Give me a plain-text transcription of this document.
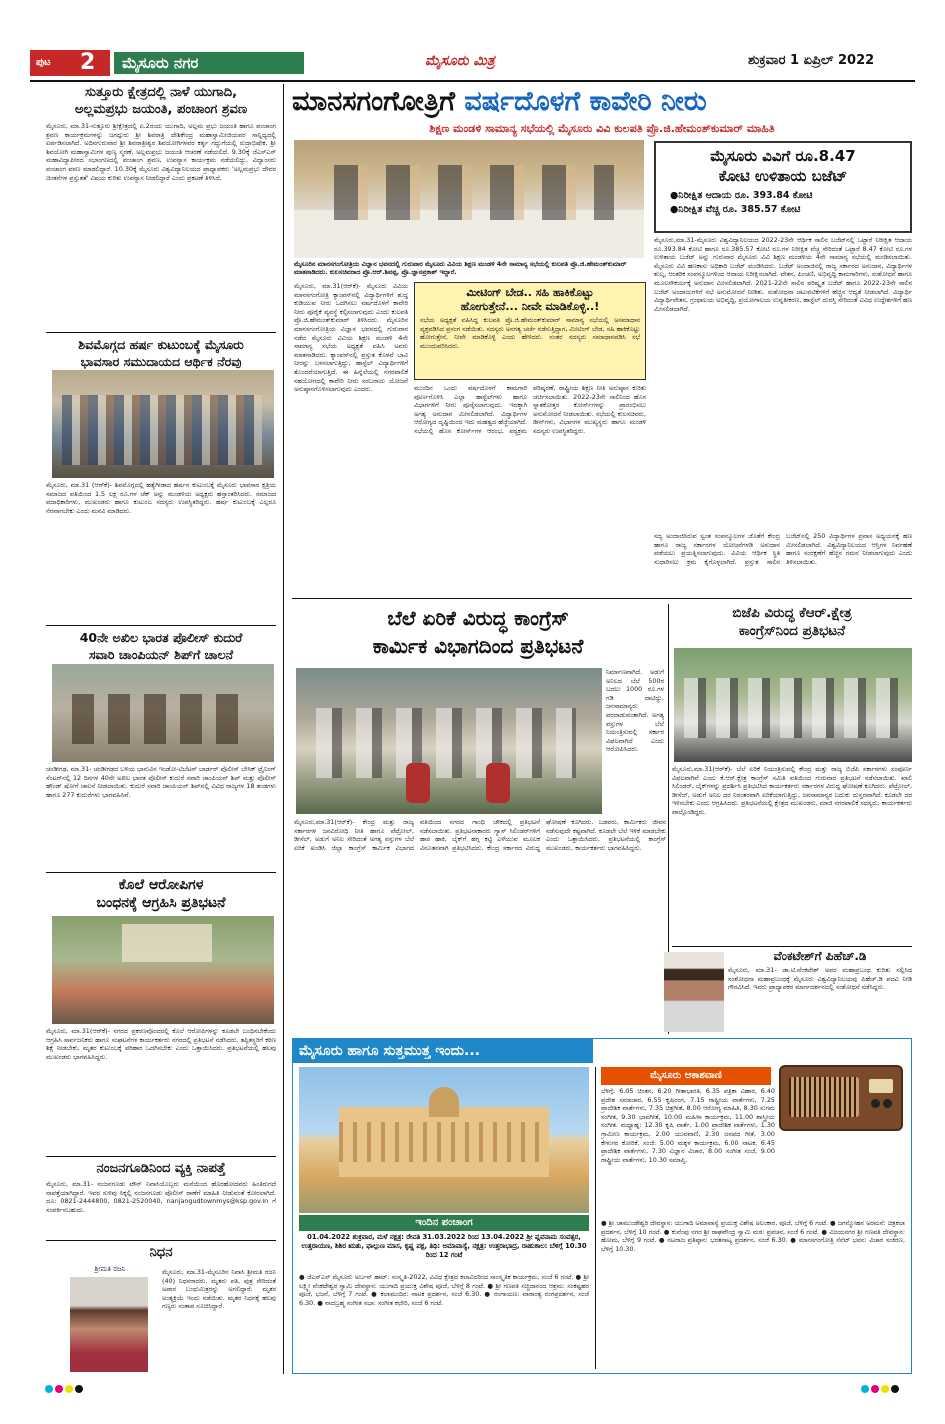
ಪುಟ 2	ಮೈಸೂರು ನಗರ	ಮೈಸೂರು ಮಿತ್ರ	ಶುಕ್ರವಾರ 1 ಏಪ್ರಿಲ್ 2022
ಸುತ್ತೂರು ಕ್ಷೇತ್ರದಲ್ಲಿ ನಾಳೆ ಯುಗಾದಿ,
ಅಲ್ಲಮಪ್ರಭು ಜಯಂತಿ, ಪಂಚಾಂಗ ಶ್ರವಣ
ಮೈಸೂರು, ಮಾ.31-ಸುತ್ತೂರು ಶ್ರೀಕ್ಷೇತ್ರದಲ್ಲಿ ಏ.2ರಂದು ಯುಗಾದಿ, ಅಲ್ಲಮ ಪ್ರಭು ಜಯಂತಿ ಹಾಗೂ ಪಂಚಾಂಗ ಶ್ರವಣ ಕಾರ್ಯಕ್ರಮಗಳನ್ನು ಜಗದ್ಗುರು ಶ್ರೀ ಶಿವರಾತ್ರಿ ದೇಶಿಕೇಂದ್ರ ಮಹಾಸ್ವಾಮೀಜಿಯವರ ಸಾನ್ನಿಧ್ಯದಲ್ಲಿ ಏರ್ಪಡಿಸಲಾಗಿದೆ. ಅದಿನಗುರುವಾರ ಶ್ರೀ ಶಿವರಾತ್ರೀಶ್ವರ ಶಿವಯೋಗಿಗಳವರ ಕರ್ತೃ ಗದ್ದುಗೆಯಲ್ಲಿ ರುದ್ರಾಭಿಷೇಕ, ಶ್ರೀ ಶಿವಯೋಗಿ ಮಹಾಸ್ವಾಮಿಗಳ ಪುಣ್ಯ ಸ್ಮರಣೆ, ಅಲ್ಲಮಪ್ರಭು ಜಯಂತಿ ಆಚರಣೆ ನಡೆಯಲಿದೆ. 9.30ಕ್ಕೆ ಜೆಎಸ್ಎಸ್ ಮಹಾವಿದ್ಯಾಪೀಠದ ಸಭಾಂಗಣದಲ್ಲಿ ಪಂಚಾಂಗ ಶ್ರವಣ, ಉಪನ್ಯಾಸ ಕಾರ್ಯಕ್ರಮ ನಡೆಯಲಿದ್ದು, ವಿದ್ವಾಂಸರು ಪಂಚಾಂಗ ಪಠಣ ಮಾಡಲಿದ್ದಾರೆ. 10.30ಕ್ಕೆ ಮೈಸೂರು ವಿಶ್ವವಿದ್ಯಾನಿಲಯದ ಪ್ರಾಧ್ಯಾಪಕರು 'ಅಲ್ಲಮಪ್ರಭು ದೇವರ ಚಿಂತನೆಗಳ ಪ್ರಸ್ತುತತೆ' ವಿಷಯ ಕುರಿತು ಉಪನ್ಯಾಸ ನೀಡಲಿದ್ದಾರೆ ಎಂದು ಪ್ರಕಟಣೆ ತಿಳಿಸಿದೆ.
ಶಿವಮೊಗ್ಗದ ಹರ್ಷ ಕುಟುಂಬಕ್ಕೆ ಮೈಸೂರು
ಭಾವಸಾರ ಸಮುದಾಯದ ಆರ್ಥಿಕ ನೆರವು
ಮೈಸೂರು, ಮಾ.31 (ಆರ್‌ಕೆ)- ಶಿವಮೊಗ್ಗದಲ್ಲಿ ಹತ್ಯೆಗೀಡಾದ ಹರ್ಷನ ಕುಟುಂಬಕ್ಕೆ ಮೈಸೂರು ಭಾವಸಾರ ಕ್ಷತ್ರಿಯ ಸಮಾಜದ ವತಿಯಿಂದ 1.5 ಲಕ್ಷ ರೂ.ಗಳ ಚೆಕ್ ಅನ್ನು ಮಂಡಳಿಯ ಅಧ್ಯಕ್ಷರು ಹಸ್ತಾಂತರಿಸಿದರು. ಸಮಾಜದ ಪದಾಧಿಕಾರಿಗಳು, ಮುಖಂಡರು ಹಾಗೂ ಕುಟುಂಬ ಸದಸ್ಯರು ಉಪಸ್ಥಿತರಿದ್ದರು. ಹರ್ಷ ಕುಟುಂಬಕ್ಕೆ ಎಲ್ಲರೂ ನೆರವಾಗಬೇಕು ಎಂದು ಮನವಿ ಮಾಡಿದರು.
40ನೇ ಅಖಿಲ ಭಾರತ ಪೊಲೀಸ್ ಕುದುರೆ
ಸವಾರಿ ಚಾಂಪಿಯನ್ ಶಿಪ್‌ಗೆ ಚಾಲನೆ
ಚಂಡೀಗಢ, ಮಾ.31- ಚಂಡೀಗಢದ ಬಳಿಯ ಭಾನುವಿನ ಇಂಡೋ-ಟಿಬೆಟನ್ ಬಾರ್ಡರ್ ಪೊಲೀಸ್ ಬೇಸಿಕ್ ಟ್ರೈನಿಂಗ್ ಸೆಂಟರ್‌ನಲ್ಲಿ 12 ದಿನಗಳ 40ನೇ ಅಖಿಲ ಭಾರತ ಪೊಲೀಸ್ ಕುದುರೆ ಸವಾರಿ ಚಾಂಪಿಯನ್ ಶಿಪ್ ಮತ್ತು ಪೊಲೀಸ್ ಹೌಂಡ್ ಷೋಗೆ ಚಾಲನೆ ನೀಡಲಾಯಿತು. ಕುದುರೆ ಸವಾರಿ ಚಾಂಪಿಯನ್ ಶಿಪ್‌ನಲ್ಲಿ ವಿವಿಧ ರಾಜ್ಯಗಳ 18 ತಂಡಗಳು ಹಾಗೂ 277 ಕುದುರೆಗಳು ಭಾಗವಹಿಸಿವೆ.
ಕೊಲೆ ಆರೋಪಿಗಳ
ಬಂಧನಕ್ಕೆ ಆಗ್ರಹಿಸಿ ಪ್ರತಿಭಟನೆ
ಮೈಸೂರು, ಮಾ.31(ಆರ್‌ಕೆ)- ನಗರದ ಪ್ರಕರಣವೊಂದರಲ್ಲಿ ಕೊಲೆ ಆರೋಪಿಗಳನ್ನು ಕೂಡಲೇ ಬಂಧಿಸಬೇಕೆಂದು ಆಗ್ರಹಿಸಿ ಸಾರ್ವಜನಿಕರು ಹಾಗೂ ಸಂಘಟನೆಗಳ ಕಾರ್ಯಕರ್ತರು ನಗರದಲ್ಲಿ ಪ್ರತಿಭಟನೆ ನಡೆಸಿದರು. ತಪ್ಪಿತಸ್ಥರಿಗೆ ಕಠಿಣ ಶಿಕ್ಷೆ ನೀಡಬೇಕು, ಮೃತರ ಕುಟುಂಬಕ್ಕೆ ಪರಿಹಾರ ಒದಗಿಸಬೇಕು ಎಂದು ಒತ್ತಾಯಿಸಿದರು. ಪ್ರತಿಭಟನೆಯಲ್ಲಿ ಹಲವು ಮುಖಂಡರು ಭಾಗವಹಿಸಿದ್ದರು.
ನಂಜನಗೂಡಿನಿಂದ ವ್ಯಕ್ತಿ ನಾಪತ್ತೆ
ಮೈಸೂರು, ಮಾ.31- ನಂಜನಗೂಡು ಟೌನ್ ನಿವಾಸಿಯೊಬ್ಬರು ಮನೆಯಿಂದ ಹೊರಹೋದವರು ಹಿಂತಿರುಗದೆ ನಾಪತ್ತೆಯಾಗಿದ್ದಾರೆ. ಇವರ ಸುಳಿವು ಸಿಕ್ಕಲ್ಲಿ ನಂಜನಗೂಡು ಪೊಲೀಸ್ ಠಾಣೆಗೆ ಮಾಹಿತಿ ನೀಡುವಂತೆ ಕೋರಲಾಗಿದೆ. ದೂ: 0821-2444800, 0821-2520040, nanjangudtownmys@ksp.gov.in ಗೆ ಸಂಪರ್ಕಿಸಬಹುದು.
ನಿಧನ
ಶ್ರೀಮತಿ ರಜನಿ	ಮೈಸೂರು, ಮಾ.31-ಮೈಸೂರಿನ ನಿವಾಸಿ ಶ್ರೀಮತಿ ರಜನಿ (40) ನಿಧನರಾದರು. ಮೃತರು ಪತಿ, ಪುತ್ರ ಸೇರಿದಂತೆ ಅಪಾರ ಬಂಧುಮಿತ್ರರನ್ನು ಅಗಲಿದ್ದಾರೆ. ಮೃತರ ಅಂತ್ಯಕ್ರಿಯೆ ಇಂದು ನಡೆಯಿತು. ಮೃತರ ನಿಧನಕ್ಕೆ ಹಲವು ಗಣ್ಯರು ಸಂತಾಪ ಸೂಚಿಸಿದ್ದಾರೆ.
ಮಾನಸಗಂಗೋತ್ರಿಗೆ ವರ್ಷದೊಳಗೆ ಕಾವೇರಿ ನೀರು
ಶಿಕ್ಷಣ ಮಂಡಳಿ ಸಾಮಾನ್ಯ ಸಭೆಯಲ್ಲಿ ಮೈಸೂರು ವಿವಿ ಕುಲಪತಿ ಪ್ರೊ.ಜಿ.ಹೇಮಂತ್‌ಕುಮಾರ್ ಮಾಹಿತಿ
ಮೈಸೂರಿನ ಮಾನಸಗಂಗೋತ್ರಿಯ ವಿಜ್ಞಾನ ಭವನದಲ್ಲಿ ಗುರುವಾರ ಮೈಸೂರು ವಿವಿಯ ಶಿಕ್ಷಣ ಮಂಡಳಿ 4ನೇ ಸಾಮಾನ್ಯ ಸಭೆಯಲ್ಲಿ ಕುಲಪತಿ ಪ್ರೊ.ಜಿ.ಹೇಮಂತ್‌ಕುಮಾರ್ ಮಾತನಾಡಿದರು. ಕುಲಸಚಿವರಾದ ಪ್ರೊ.ಆರ್.ಶಿವಪ್ಪ, ಪ್ರೊ.ಜ್ಞಾನಪ್ರಕಾಶ್ ಇದ್ದಾರೆ.
ಮೈಸೂರು, ಮಾ.31(ಆರ್‌ಕೆ)- ಮೈಸೂರು ವಿವಿಯ ಮಾನಸಗಂಗೋತ್ರಿ ಕ್ಯಾಂಪಸ್‌ನಲ್ಲಿ ವಿದ್ಯಾರ್ಥಿಗಳಿಗೆ ಶುದ್ಧ ಕುಡಿಯುವ ನೀರು ಒದಗಿಸಲು ವರ್ಷದೊಳಗೆ ಕಾವೇರಿ ನೀರು ಪೂರೈಕೆ ವ್ಯವಸ್ಥೆ ಕಲ್ಪಿಸಲಾಗುವುದು ಎಂದು ಕುಲಪತಿ ಪ್ರೊ.ಜಿ.ಹೇಮಂತ್‌ಕುಮಾರ್ ತಿಳಿಸಿದರು. ಮೈಸೂರಿನ ಮಾನಸಗಂಗೋತ್ರಿಯ ವಿಜ್ಞಾನ ಭವನದಲ್ಲಿ ಗುರುವಾರ ನಡೆದ ಮೈಸೂರು ವಿವಿಯ ಶಿಕ್ಷಣ ಮಂಡಳಿ 4ನೇ ಸಾಮಾನ್ಯ ಸಭೆಯ ಅಧ್ಯಕ್ಷತೆ ವಹಿಸಿ ಅವರು ಮಾತನಾಡಿದರು. ಕ್ಯಾಂಪಸ್‌ನಲ್ಲಿ ಪ್ರಸ್ತುತ ಕೊಳವೆ ಬಾವಿ ನೀರನ್ನು ಬಳಸಲಾಗುತ್ತಿದ್ದು, ಹಾಸ್ಟೆಲ್ ವಿದ್ಯಾರ್ಥಿಗಳಿಗೆ ತೊಂದರೆಯಾಗುತ್ತಿದೆ. ಈ ಹಿನ್ನೆಲೆಯಲ್ಲಿ ನಗರಪಾಲಿಕೆ ಸಹಯೋಗದಲ್ಲಿ ಕಾವೇರಿ ನೀರು ಸರಬರಾಜು ಯೋಜನೆ ಅನುಷ್ಠಾನಗೊಳಿಸಲಾಗುವುದು ಎಂದರು.
ಮೀಟಿಂಗ್ ಬೇಡ.. ಸಹಿ ಹಾಕಿಕೊಟ್ಟು
ಹೋಗುತ್ತೇನೆ... ನೀವೇ ಮಾಡಿಕೊಳ್ಳಿ..!
ಸಭೆಯ ಅಧ್ಯಕ್ಷತೆ ವಹಿಸಿದ್ದ ಕುಲಪತಿ ಪ್ರೊ.ಜಿ.ಹೇಮಂತ್‌ಕುಮಾರ್ ಸಾಮಾನ್ಯ ಸಭೆಯಲ್ಲಿ ಅಸಮಾಧಾನ ವ್ಯಕ್ತಪಡಿಸಿದ ಪ್ರಸಂಗ ನಡೆಯಿತು. ಸದಸ್ಯರು ಅನಗತ್ಯ ಚರ್ಚೆ ನಡೆಸುತ್ತಿದ್ದಾಗ, ಮೀಟಿಂಗ್ ಬೇಡ, ಸಹಿ ಹಾಕಿಕೊಟ್ಟು ಹೋಗುತ್ತೇನೆ, ನೀವೇ ಮಾಡಿಕೊಳ್ಳಿ ಎಂದು ಹೇಳಿದರು. ನಂತರ ಸದಸ್ಯರು ಸಮಾಧಾನಪಡಿಸಿ ಸಭೆ ಮುಂದುವರಿಸಿದರು.
ಮುಂದಿನ ಒಂದು ವರ್ಷದೊಳಗೆ ಕಾಮಗಾರಿ ಪೂರ್ಣಗೊಳಿಸಿ ಎಲ್ಲಾ ಹಾಸ್ಟೆಲ್‌ಗಳು ಹಾಗೂ ವಿಭಾಗಗಳಿಗೆ ನೀರು ಪೂರೈಸಲಾಗುವುದು. ಇದಕ್ಕಾಗಿ ಅಗತ್ಯ ಅನುದಾನ ಮೀಸಲಿಡಲಾಗಿದೆ. ವಿದ್ಯಾರ್ಥಿಗಳ ಆರೋಗ್ಯದ ದೃಷ್ಟಿಯಿಂದ ಇದು ಮಹತ್ವದ ಹೆಜ್ಜೆಯಾಗಿದೆ. ಸಭೆಯಲ್ಲಿ ಹೊಸ ಕೋರ್ಸ್‌ಗಳ ಆರಂಭ, ಪಠ್ಯಕ್ರಮ ಪರಿಷ್ಕರಣೆ, ರಾಷ್ಟ್ರೀಯ ಶಿಕ್ಷಣ ನೀತಿ ಅನುಷ್ಠಾನ ಕುರಿತು ಚರ್ಚಿಸಲಾಯಿತು. 2022-23ನೇ ಸಾಲಿನಿಂದ ಹೊಸ ಸ್ನಾತಕೋತ್ತರ ಕೋರ್ಸ್‌ಗಳನ್ನು ಪ್ರಾರಂಭಿಸಲು ಅನುಮೋದನೆ ನೀಡಲಾಯಿತು. ಸಭೆಯಲ್ಲಿ ಕುಲಸಚಿವರು, ಡೀನ್‌ಗಳು, ವಿಭಾಗಗಳ ಮುಖ್ಯಸ್ಥರು ಹಾಗೂ ಮಂಡಳಿ ಸದಸ್ಯರು ಉಪಸ್ಥಿತರಿದ್ದರು.
ಮೈಸೂರು ವಿವಿಗೆ ರೂ.8.47
ಕೋಟಿ ಉಳಿತಾಯ ಬಜೆಟ್
●ನಿರೀಕ್ಷಿತ ಆದಾಯ ರೂ. 393.84 ಕೋಟಿ
●ನಿರೀಕ್ಷಿತ ವೆಚ್ಚ ರೂ. 385.57 ಕೋಟಿ
ಮೈಸೂರು,ಮಾ.31-ಮೈಸೂರು ವಿಶ್ವವಿದ್ಯಾನಿಲಯದ 2022-23ನೇ ಆರ್ಥಿಕ ಸಾಲಿನ ಬಜೆಟ್‌ನಲ್ಲಿ ಒಟ್ಟಾರೆ ನಿರೀಕ್ಷಿತ ಆದಾಯ ರೂ.393.84 ಕೋಟಿ ಹಾಗೂ ರೂ.385.57 ಕೋಟಿ ರೂ.ಗಳ ನಿರೀಕ್ಷಿತ ವೆಚ್ಚ ಸೇರಿದಂತೆ ಒಟ್ಟಾರೆ 8.47 ಕೋಟಿ ರೂ.ಗಳ ಉಳಿತಾಯ ಬಜೆಟ್ ಅನ್ನು ಗುರುವಾರ ಮೈಸೂರು ವಿವಿ ಶಿಕ್ಷಣ ಮಂಡಳಿಯ 4ನೇ ಸಾಮಾನ್ಯ ಸಭೆಯಲ್ಲಿ ಮಂಡಿಸಲಾಯಿತು. ಮೈಸೂರು ವಿವಿ ಹಣಕಾಸು ಅಧಿಕಾರಿ ಬಜೆಟ್ ಮಂಡಿಸಿದರು. ಬಜೆಟ್ ಅಂದಾಜಿನಲ್ಲಿ ರಾಜ್ಯ ಸರ್ಕಾರದ ಅನುದಾನ, ವಿದ್ಯಾರ್ಥಿಗಳ ಶುಲ್ಕ, ಆಂತರಿಕ ಸಂಪನ್ಮೂಲಗಳಿಂದ ಆದಾಯ ನಿರೀಕ್ಷಿಸಲಾಗಿದೆ. ವೇತನ, ಪಿಂಚಣಿ, ಅಭಿವೃದ್ಧಿ ಕಾಮಗಾರಿಗಳು, ಸಂಶೋಧನೆ ಹಾಗೂ ಮೂಲಸೌಕರ್ಯಕ್ಕೆ ಅನುದಾನ ಮೀಸಲಿಡಲಾಗಿದೆ. 2021-22ನೇ ಸಾಲಿನ ಪರಿಷ್ಕೃತ ಬಜೆಟ್ ಹಾಗೂ 2022-23ನೇ ಸಾಲಿನ ಬಜೆಟ್ ಅಂದಾಜುಗಳಿಗೆ ಸಭೆ ಅನುಮೋದನೆ ನೀಡಿತು. ಸಂಶೋಧನಾ ಚಟುವಟಿಕೆಗಳಿಗೆ ಹೆಚ್ಚಿನ ಆದ್ಯತೆ ನೀಡಲಾಗಿದೆ. ವಿದ್ಯಾರ್ಥಿ ವಿದ್ಯಾರ್ಥಿವೇತನ, ಗ್ರಂಥಾಲಯ ಅಭಿವೃದ್ಧಿ, ಪ್ರಯೋಗಾಲಯ ಉನ್ನತೀಕರಣ, ಹಾಸ್ಟೆಲ್ ದುರಸ್ತಿ ಸೇರಿದಂತೆ ವಿವಿಧ ಉದ್ದೇಶಗಳಿಗೆ ಹಣ ಮೀಸಲಿಡಲಾಗಿದೆ.
ಸದ್ಯ ಅಂದಾಜಿಸಿರುವ ಸ್ವಂತ ಸಂಪನ್ಮೂಲಗಳ ಜೊತೆಗೆ ಕೇಂದ್ರ ಹಾಗೂ ರಾಜ್ಯ ಸರ್ಕಾರಗಳ ಯೋಜನೆಗಳಡಿ ಅನುದಾನ ಪಡೆಯಲು ಪ್ರಯತ್ನಿಸಲಾಗುವುದು. ವಿವಿಯ ಆರ್ಥಿಕ ಸ್ಥಿತಿ ಸುಧಾರಿಸಲು ಕ್ರಮ ಕೈಗೊಳ್ಳಲಾಗಿದೆ. ಪ್ರಸ್ತುತ ಸಾಲಿನ ಬಜೆಟ್‌ನಲ್ಲಿ 250 ವಿದ್ಯಾರ್ಥಿಗಳ ಪ್ರವಾಸ ಅಧ್ಯಯನಕ್ಕೆ ಹಣ ಮೀಸಲಿಡಲಾಗಿದೆ. ವಿಶ್ವವಿದ್ಯಾನಿಲಯದ ಆಸ್ತಿಗಳ ನಿರ್ವಹಣೆ ಹಾಗೂ ಸಂರಕ್ಷಣೆಗೆ ಹೆಚ್ಚಿನ ಗಮನ ನೀಡಲಾಗುವುದು ಎಂದು ತಿಳಿಸಲಾಯಿತು.
ಬೆಲೆ ಏರಿಕೆ ವಿರುದ್ಧ ಕಾಂಗ್ರೆಸ್
ಕಾರ್ಮಿಕ ವಿಭಾಗದಿಂದ ಪ್ರತಿಭಟನೆ
ನಿರ್ಮಾಣವಾಗಿದೆ. ಅಡುಗೆ ಅನಿಲದ ಬೆಲೆ 500ರ ಬದಲು 1000 ರೂ.ಗಳ ಗಡಿ ದಾಟಿದ್ದು, ಜನಸಾಮಾನ್ಯರು ಪರದಾಡುವಂತಾಗಿದೆ. ಅಗತ್ಯ ವಸ್ತುಗಳ ಬೆಲೆ ನಿಯಂತ್ರಿಸುವಲ್ಲಿ ಸರ್ಕಾರ ವಿಫಲವಾಗಿದೆ ಎಂದು ಆರೋಪಿಸಿದರು.
ಮೈಸೂರು,ಮಾ.31(ಆರ್‌ಕೆ)- ಕೇಂದ್ರ ಮತ್ತು ರಾಜ್ಯ ಸರ್ಕಾರಗಳ ಜನವಿರೋಧಿ ನೀತಿ ಹಾಗೂ ಪೆಟ್ರೋಲ್, ಡೀಸೆಲ್, ಅಡುಗೆ ಅನಿಲ ಸೇರಿದಂತೆ ಅಗತ್ಯ ವಸ್ತುಗಳ ಬೆಲೆ ಏರಿಕೆ ಖಂಡಿಸಿ ಜಿಲ್ಲಾ ಕಾಂಗ್ರೆಸ್ ಕಾರ್ಮಿಕ ವಿಭಾಗದ ವತಿಯಿಂದ ನಗರದ ಗಾಂಧಿ ಚೌಕದಲ್ಲಿ ಪ್ರತಿಭಟನೆ ನಡೆಸಲಾಯಿತು. ಪ್ರತಿಭಟನಾಕಾರರು ಗ್ಯಾಸ್ ಸಿಲಿಂಡರ್‌ಗಳಿಗೆ ಹಾರ ಹಾಕಿ, ಬೈಕ್‌ಗೆ ಹಗ್ಗ ಕಟ್ಟಿ ಎಳೆಯುವ ಮೂಲಕ ವಿನೂತನವಾಗಿ ಪ್ರತಿಭಟಿಸಿದರು. ಕೇಂದ್ರ ಸರ್ಕಾರದ ವಿರುದ್ಧ ಘೋಷಣೆ ಕೂಗಿದರು. ಬಡವರು, ಕಾರ್ಮಿಕರು ಜೀವನ ನಡೆಸುವುದೇ ಕಷ್ಟವಾಗಿದೆ. ಕೂಡಲೇ ಬೆಲೆ ಇಳಿಕೆ ಮಾಡಬೇಕು ಎಂದು ಒತ್ತಾಯಿಸಿದರು. ಪ್ರತಿಭಟನೆಯಲ್ಲಿ ಕಾಂಗ್ರೆಸ್ ಮುಖಂಡರು, ಕಾರ್ಯಕರ್ತರು ಭಾಗವಹಿಸಿದ್ದರು.
ಬಿಜೆಪಿ ವಿರುದ್ಧ ಕೆಆರ್.ಕ್ಷೇತ್ರ
ಕಾಂಗ್ರೆಸ್‌ನಿಂದ ಪ್ರತಿಭಟನೆ
ಮೈಸೂರು,ಮಾ.31(ಆರ್‌ಕೆ)- ಬೆಲೆ ಏರಿಕೆ ನಿಯಂತ್ರಿಸುವಲ್ಲಿ ಕೇಂದ್ರ ಮತ್ತು ರಾಜ್ಯ ಬಿಜೆಪಿ ಸರ್ಕಾರಗಳು ಸಂಪೂರ್ಣ ವಿಫಲವಾಗಿವೆ ಎಂದು ಕೆ.ಆರ್.ಕ್ಷೇತ್ರ ಕಾಂಗ್ರೆಸ್ ಸಮಿತಿ ವತಿಯಿಂದ ಗುರುವಾರ ಪ್ರತಿಭಟನೆ ನಡೆಸಲಾಯಿತು. ಖಾಲಿ ಸಿಲಿಂಡರ್, ಬೈಕ್‌ಗಳನ್ನು ಪ್ರದರ್ಶಿಸಿ ಪ್ರತಿಭಟಿಸಿದ ಕಾರ್ಯಕರ್ತರು ಸರ್ಕಾರಗಳ ವಿರುದ್ಧ ಘೋಷಣೆ ಕೂಗಿದರು. ಪೆಟ್ರೋಲ್, ಡೀಸೆಲ್, ಅಡುಗೆ ಅನಿಲ ದರ ನಿರಂತರವಾಗಿ ಏರಿಕೆಯಾಗುತ್ತಿದ್ದು, ಜನಸಾಮಾನ್ಯರ ಬದುಕು ದುಸ್ತರವಾಗಿದೆ. ಕೂಡಲೇ ದರ ಇಳಿಸಬೇಕು ಎಂದು ಆಗ್ರಹಿಸಿದರು. ಪ್ರತಿಭಟನೆಯಲ್ಲಿ ಕ್ಷೇತ್ರದ ಮುಖಂಡರು, ಮಾಜಿ ನಗರಪಾಲಿಕೆ ಸದಸ್ಯರು, ಕಾರ್ಯಕರ್ತರು ಪಾಲ್ಗೊಂಡಿದ್ದರು.
ವೆಂಕಟೇಶ್‌ಗೆ ಪಿಹೆಚ್.ಡಿ
ಮೈಸೂರು, ಮಾ.31- ಡಾ.ಟಿ.ವೆಂಕಟೇಶ್ ಅವರ ಮಹಾಪ್ರಬಂಧ ಕುರಿತು ಸಲ್ಲಿಸಿದ ಸಂಶೋಧನಾ ಮಹಾಪ್ರಬಂಧಕ್ಕೆ ಮೈಸೂರು ವಿಶ್ವವಿದ್ಯಾನಿಲಯವು ಪಿಹೆಚ್.ಡಿ ಪದವಿ ನೀಡಿ ಗೌರವಿಸಿದೆ. ಇವರು ಪ್ರಾಧ್ಯಾಪಕರ ಮಾರ್ಗದರ್ಶನದಲ್ಲಿ ಸಂಶೋಧನೆ ನಡೆಸಿದ್ದರು.
ಮೈಸೂರು ಹಾಗೂ ಸುತ್ತಮುತ್ತ ಇಂದು...
ಇಂದಿನ ಪಂಚಾಂಗ
01.04.2022 ಶುಕ್ರವಾರ, ಮಳೆ ನಕ್ಷತ್ರ: ರೇವತಿ 31.03.2022 ರಿಂದ 13.04.2022 ಶ್ರೀ ಪ್ಲವನಾಮ ಸಂವತ್ಸರ, ಉತ್ತರಾಯಣ, ಶಿಶಿರ ಋತು, ಫಾಲ್ಗುಣ ಮಾಸ, ಕೃಷ್ಣ ಪಕ್ಷ, ತಿಥಿ: ಅಮಾವಾಸ್ಯೆ, ನಕ್ಷತ್ರ: ಉತ್ತರಾಭಾದ್ರ, ರಾಹುಕಾಲ: ಬೆಳಿಗ್ಗೆ 10.30 ರಿಂದ 12 ಗಂಟೆ
● ಜೆಎಸ್ಎಸ್ ಮೈಸೂರು ಅರ್ಬನ್ ಹಾಟ್: ಸಂಸ್ಕೃತಿ-2022, ವಿವಿಧ ಕ್ಷೇತ್ರದ ಕಲಾವಿದರಿಂದ ಸಾಂಸ್ಕೃತಿಕ ಕಾರ್ಯಕ್ರಮ, ಸಂಜೆ 6 ಗಂಟೆ. ● ಶ್ರೀ ಲಕ್ಷ್ಮೀ ವೆಂಕಟೇಶ್ವರ ಸ್ವಾಮಿ ದೇವಸ್ಥಾನ: ಯುಗಾದಿ ಪ್ರಯುಕ್ತ ವಿಶೇಷ ಪೂಜೆ, ಬೆಳಿಗ್ಗೆ 8 ಗಂಟೆ. ● ಶ್ರೀ ಗಣಪತಿ ಸಚ್ಚಿದಾನಂದ ಆಶ್ರಮ: ಸಂಕಷ್ಟಹರ ಪೂಜೆ, ಭಜನೆ, ಬೆಳಿಗ್ಗೆ 7 ಗಂಟೆ. ● ಕಲಾಮಂದಿರ: ನಾಟಕ ಪ್ರದರ್ಶನ, ಸಂಜೆ 6.30. ● ರಂಗಾಯಣ: ವಾರಾಂತ್ಯ ರಂಗಪ್ರದರ್ಶನ, ಸಂಜೆ 6.30. ● ನಾದಬ್ರಹ್ಮ ಸಂಗೀತ ಸಭಾ: ಸಂಗೀತ ಕಛೇರಿ, ಸಂಜೆ 6 ಗಂಟೆ.
ಮೈಸೂರು ಆಕಾಶವಾಣಿ
ಬೆಳಿಗ್ಗೆ: 6.05 ಚಿಂತನ, 6.20 ಗೀತಾಭಾರತಿ, 6.35 ಪತ್ರಿಕಾ ವಿಹಾರ, 6.40 ಪ್ರದೇಶ ಸಮಾಚಾರ, 6.55 ಕೃಷಿರಂಗ, 7.15 ರಾಷ್ಟ್ರೀಯ ವಾರ್ತೆಗಳು, 7.25 ಪ್ರಾದೇಶಿಕ ವಾರ್ತೆಗಳು, 7.35 ಚಿತ್ರಗೀತೆ, 8.00 ಆರೋಗ್ಯ ಮಾಹಿತಿ, 8.30 ಸುಗಮ ಸಂಗೀತ, 9.30 ಭಾವಗೀತೆ, 10.00 ಮಹಿಳಾ ಕಾರ್ಯಕ್ರಮ, 11.00 ಶಾಸ್ತ್ರೀಯ ಸಂಗೀತ. ಮಧ್ಯಾಹ್ನ: 12.30 ಕೃಷಿ ವಾರ್ತೆ, 1.00 ಪ್ರಾದೇಶಿಕ ವಾರ್ತೆಗಳು, 1.30 ಗ್ರಾಮೀಣ ಕಾರ್ಯಕ್ರಮ, 2.00 ಯುವವಾಣಿ, 2.30 ಜನಪದ ಗೀತೆ, 3.00 ಕೇಳುಗರ ಕೋರಿಕೆ. ಸಂಜೆ: 5.00 ಮಕ್ಕಳ ಕಾರ್ಯಕ್ರಮ, 6.00 ನಾಟಕ, 6.45 ಪ್ರಾದೇಶಿಕ ವಾರ್ತೆಗಳು, 7.30 ವಿಜ್ಞಾನ ವಿಚಾರ, 8.00 ಸಂಗೀತ ಸಂಜೆ, 9.00 ರಾಷ್ಟ್ರೀಯ ವಾರ್ತೆಗಳು, 10.30 ಸಮಾಪ್ತಿ.
● ಶ್ರೀ ಚಾಮುಂಡೇಶ್ವರಿ ದೇವಸ್ಥಾನ: ಯುಗಾದಿ ಅಮಾವಾಸ್ಯೆ ಪ್ರಯುಕ್ತ ವಿಶೇಷ ಅಲಂಕಾರ, ಪೂಜೆ, ಬೆಳಿಗ್ಗೆ 6 ಗಂಟೆ. ● ಜಗನ್ಮೋಹನ ಅರಮನೆ: ಚಿತ್ರಕಲಾ ಪ್ರದರ್ಶನ, ಬೆಳಿಗ್ಗೆ 10 ಗಂಟೆ. ● ಕುವೆಂಪು ನಗರ ಶ್ರೀ ರಾಘವೇಂದ್ರ ಸ್ವಾಮಿ ಮಠ: ಪ್ರವಚನ, ಸಂಜೆ 6 ಗಂಟೆ. ● ವಿಜಯನಗರ ಶ್ರೀ ಗಣಪತಿ ದೇವಸ್ಥಾನ: ಹೋಮ, ಬೆಳಿಗ್ಗೆ 9 ಗಂಟೆ. ● ನಟರಾಜ ಪ್ರತಿಷ್ಠಾನ: ಭರತನಾಟ್ಯ ಪ್ರದರ್ಶನ, ಸಂಜೆ 6.30. ● ಮಾನಸಗಂಗೋತ್ರಿ ಸೆನೆಟ್ ಭವನ: ವಿಚಾರ ಸಂಕಿರಣ, ಬೆಳಿಗ್ಗೆ 10.30.
